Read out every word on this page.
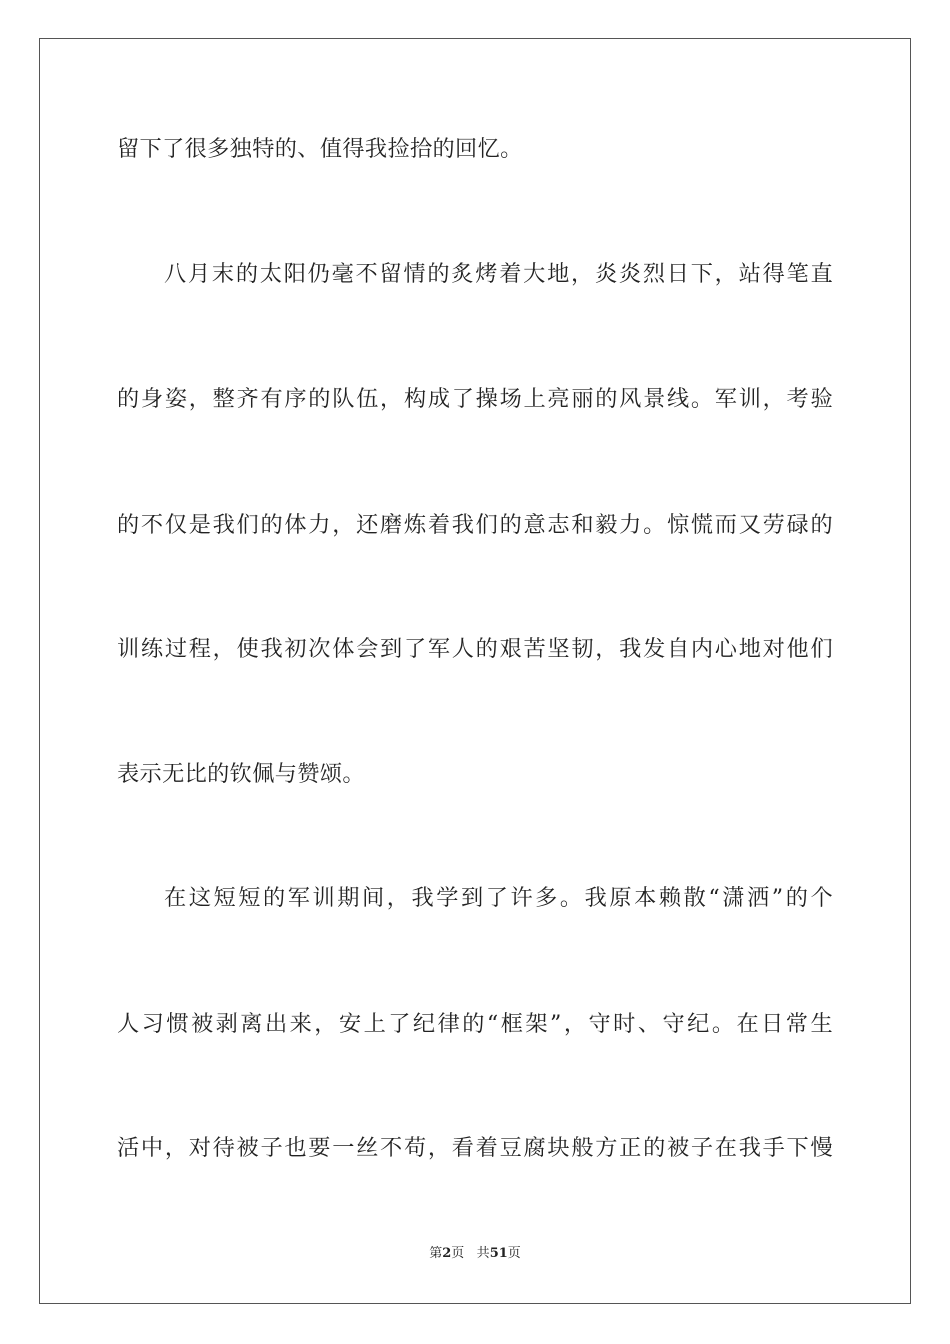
留下了很多独特的、值得我捡拾的回忆。
八月末的太阳仍毫不留情的炙烤着大地，炎炎烈日下，站得笔直
的身姿，整齐有序的队伍，构成了操场上亮丽的风景线。军训，考验
的不仅是我们的体力，还磨炼着我们的意志和毅力。惊慌而又劳碌的
训练过程，使我初次体会到了军人的艰苦坚韧，我发自内心地对他们
表示无比的钦佩与赞颂。
在这短短的军训期间，我学到了许多。我原本赖散“潇洒”的个
人习惯被剥离出来，安上了纪律的“框架”，守时、守纪。在日常生
活中，对待被子也要一丝不苟，看着豆腐块般方正的被子在我手下慢
第2页 共51页
